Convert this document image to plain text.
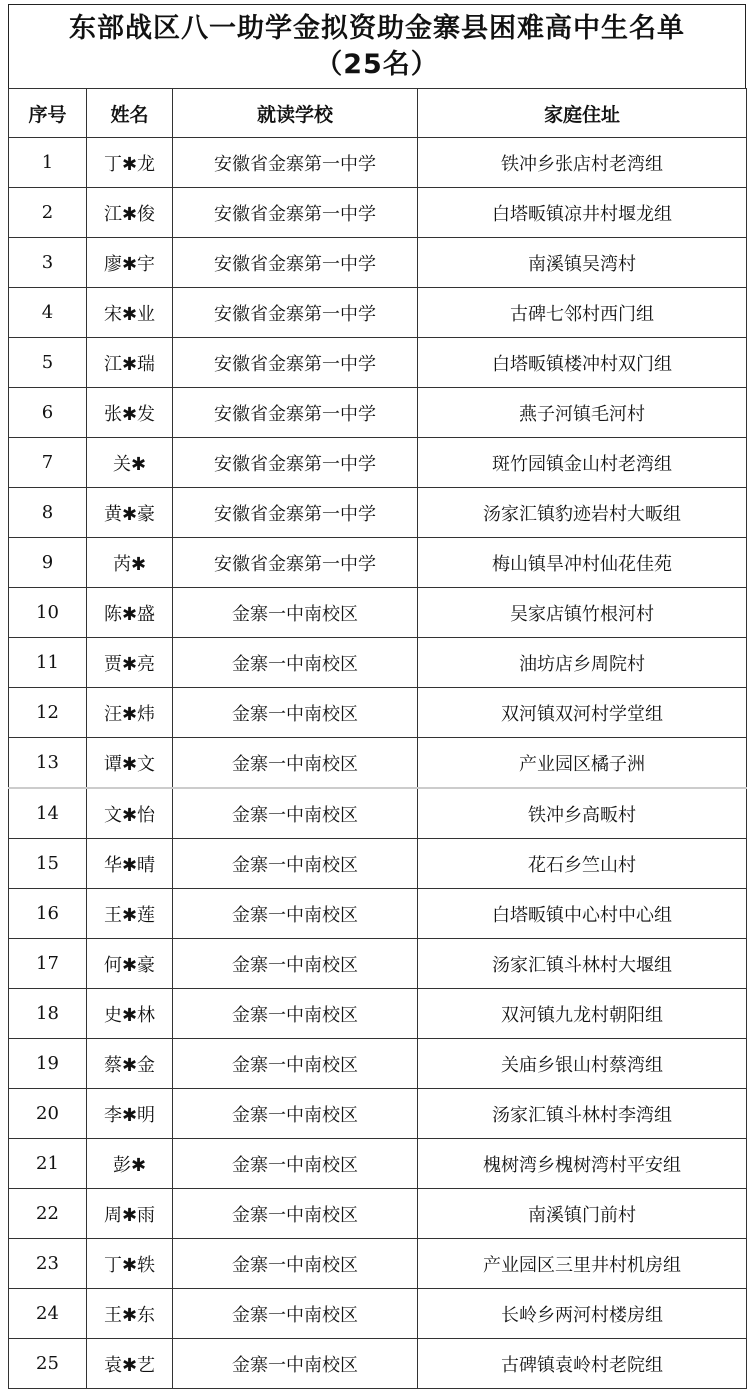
东部战区八一助学金拟资助金寨县困难高中生名单
（25名）
序号	姓名	就读学校	家庭住址
1	丁✱龙	安徽省金寨第一中学	铁冲乡张店村老湾组
2	江✱俊	安徽省金寨第一中学	白塔畈镇凉井村堰龙组
3	廖✱宇	安徽省金寨第一中学	南溪镇吴湾村
4	宋✱业	安徽省金寨第一中学	古碑七邻村西门组
5	江✱瑞	安徽省金寨第一中学	白塔畈镇楼冲村双门组
6	张✱发	安徽省金寨第一中学	燕子河镇毛河村
7	关✱	安徽省金寨第一中学	斑竹园镇金山村老湾组
8	黄✱豪	安徽省金寨第一中学	汤家汇镇豹迹岩村大畈组
9	芮✱	安徽省金寨第一中学	梅山镇旱冲村仙花佳苑
10	陈✱盛	金寨一中南校区	吴家店镇竹根河村
11	贾✱亮	金寨一中南校区	油坊店乡周院村
12	汪✱炜	金寨一中南校区	双河镇双河村学堂组
13	谭✱文	金寨一中南校区	产业园区橘子洲
14	文✱怡	金寨一中南校区	铁冲乡高畈村
15	华✱晴	金寨一中南校区	花石乡竺山村
16	王✱莲	金寨一中南校区	白塔畈镇中心村中心组
17	何✱豪	金寨一中南校区	汤家汇镇斗林村大堰组
18	史✱林	金寨一中南校区	双河镇九龙村朝阳组
19	蔡✱金	金寨一中南校区	关庙乡银山村蔡湾组
20	李✱明	金寨一中南校区	汤家汇镇斗林村李湾组
21	彭✱	金寨一中南校区	槐树湾乡槐树湾村平安组
22	周✱雨	金寨一中南校区	南溪镇门前村
23	丁✱轶	金寨一中南校区	产业园区三里井村机房组
24	王✱东	金寨一中南校区	长岭乡两河村楼房组
25	袁✱艺	金寨一中南校区	古碑镇袁岭村老院组
